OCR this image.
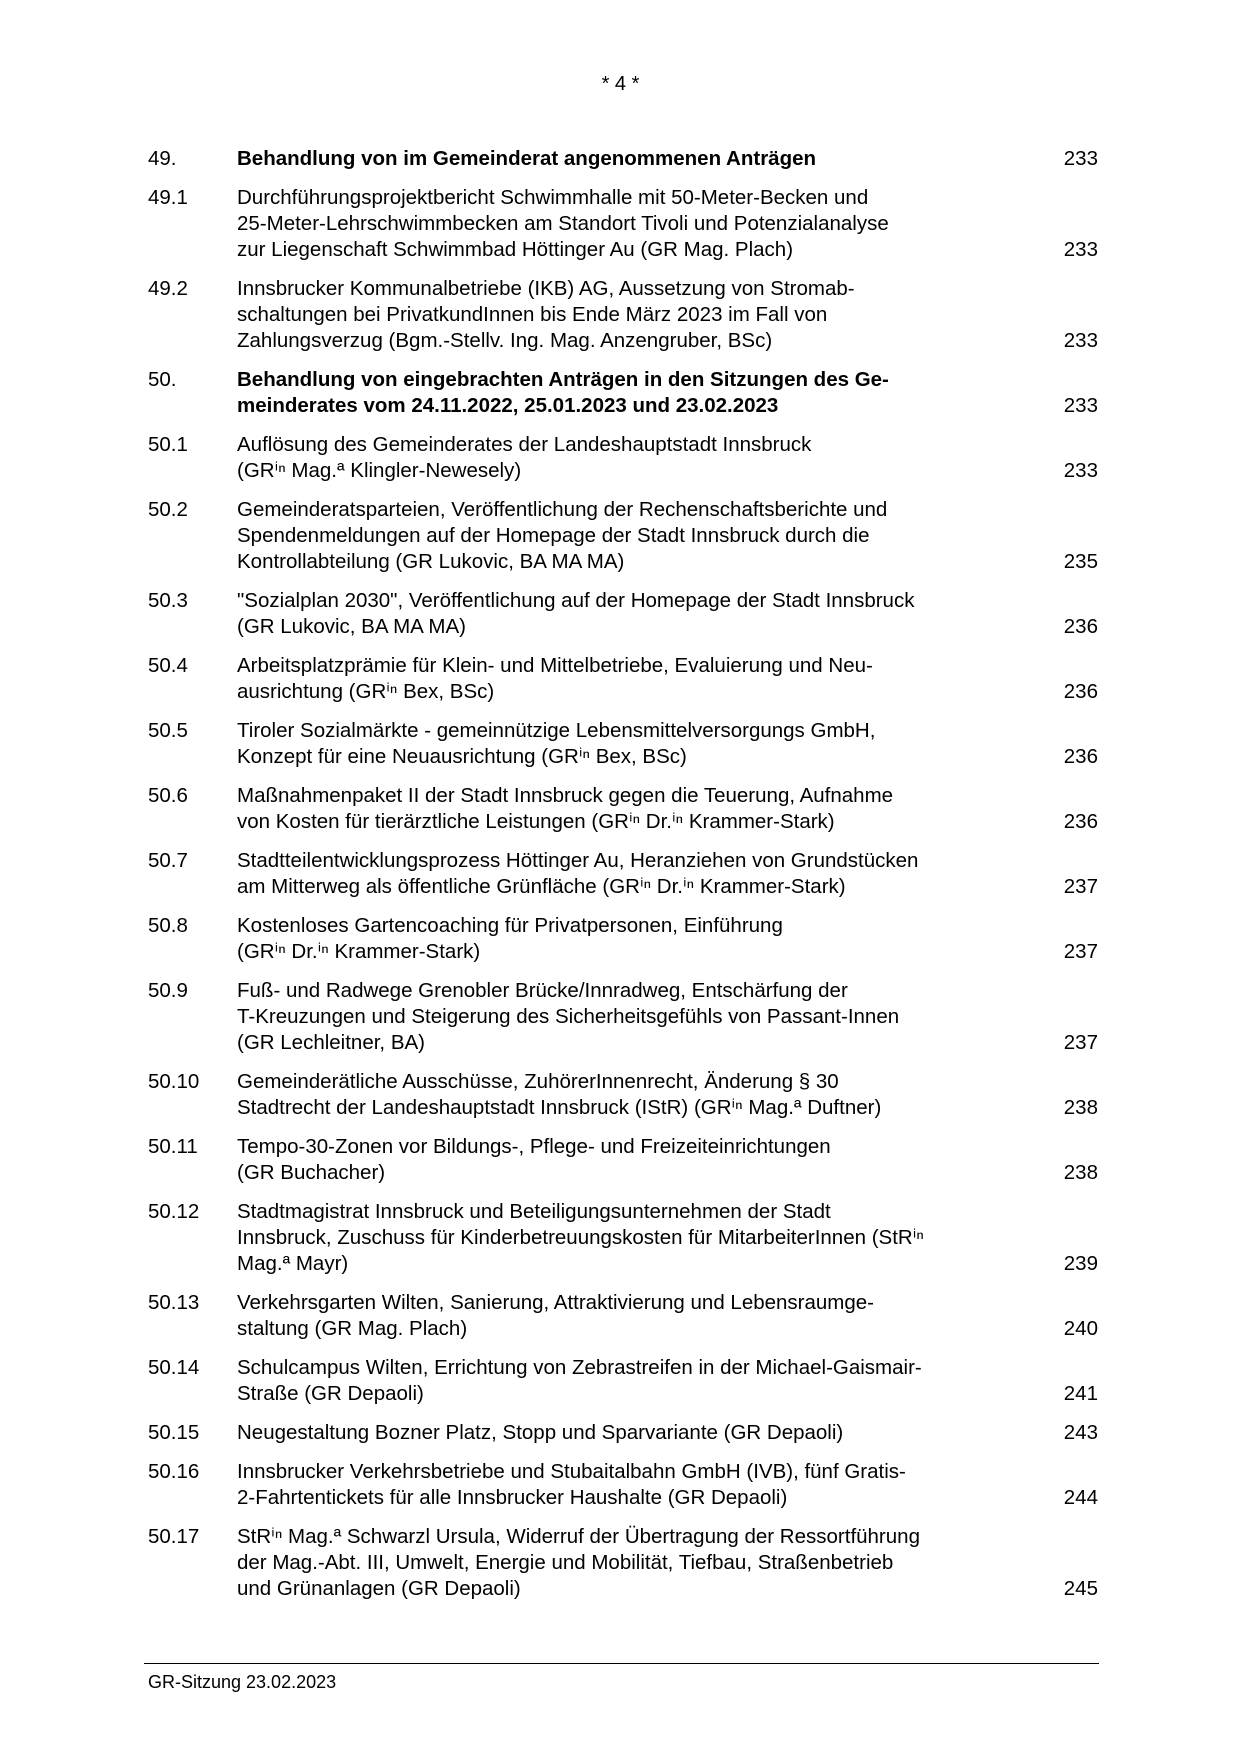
* 4 *
49.	Behandlung von im Gemeinderat angenommenen Anträgen	233
49.1	Durchführungsprojektbericht Schwimmhalle mit 50-Meter-Becken und
25-Meter-Lehrschwimmbecken am Standort Tivoli und Potenzialanalyse
zur Liegenschaft Schwimmbad Höttinger Au (GR Mag. Plach)	233
49.2	Innsbrucker Kommunalbetriebe (IKB) AG, Aussetzung von Stromab-
schaltungen bei PrivatkundInnen bis Ende März 2023 im Fall von
Zahlungsverzug (Bgm.-Stellv. Ing. Mag. Anzengruber, BSc)	233
50.	Behandlung von eingebrachten Anträgen in den Sitzungen des Ge-
meinderates vom 24.11.2022, 25.01.2023 und 23.02.2023	233
50.1	Auflösung des Gemeinderates der Landeshauptstadt Innsbruck
(GRⁱⁿ Mag.ª Klingler-Newesely)	233
50.2	Gemeinderatsparteien, Veröffentlichung der Rechenschaftsberichte und
Spendenmeldungen auf der Homepage der Stadt Innsbruck durch die
Kontrollabteilung (GR Lukovic, BA MA MA)	235
50.3	"Sozialplan 2030", Veröffentlichung auf der Homepage der Stadt Innsbruck
(GR Lukovic, BA MA MA)	236
50.4	Arbeitsplatzprämie für Klein- und Mittelbetriebe, Evaluierung und Neu-
ausrichtung (GRⁱⁿ Bex, BSc)	236
50.5	Tiroler Sozialmärkte - gemeinnützige Lebensmittelversorgungs GmbH,
Konzept für eine Neuausrichtung (GRⁱⁿ Bex, BSc)	236
50.6	Maßnahmenpaket II der Stadt Innsbruck gegen die Teuerung, Aufnahme
von Kosten für tierärztliche Leistungen (GRⁱⁿ Dr.ⁱⁿ Krammer-Stark)	236
50.7	Stadtteilentwicklungsprozess Höttinger Au, Heranziehen von Grundstücken
am Mitterweg als öffentliche Grünfläche (GRⁱⁿ Dr.ⁱⁿ Krammer-Stark)	237
50.8	Kostenloses Gartencoaching für Privatpersonen, Einführung
(GRⁱⁿ Dr.ⁱⁿ Krammer-Stark)	237
50.9	Fuß- und Radwege Grenobler Brücke/Innradweg, Entschärfung der
T-Kreuzungen und Steigerung des Sicherheitsgefühls von Passant-Innen
(GR Lechleitner, BA)	237
50.10	Gemeinderätliche Ausschüsse, ZuhörerInnenrecht, Änderung § 30
Stadtrecht der Landeshauptstadt Innsbruck (IStR) (GRⁱⁿ Mag.ª Duftner)	238
50.11	Tempo-30-Zonen vor Bildungs-, Pflege- und Freizeiteinrichtungen
(GR Buchacher)	238
50.12	Stadtmagistrat Innsbruck und Beteiligungsunternehmen der Stadt
Innsbruck, Zuschuss für Kinderbetreuungskosten für MitarbeiterInnen (StRⁱⁿ
Mag.ª Mayr)	239
50.13	Verkehrsgarten Wilten, Sanierung, Attraktivierung und Lebensraumge-
staltung (GR Mag. Plach)	240
50.14	Schulcampus Wilten, Errichtung von Zebrastreifen in der Michael-Gaismair-
Straße (GR Depaoli)	241
50.15	Neugestaltung Bozner Platz, Stopp und Sparvariante (GR Depaoli)	243
50.16	Innsbrucker Verkehrsbetriebe und Stubaitalbahn GmbH (IVB), fünf Gratis-
2-Fahrtentickets für alle Innsbrucker Haushalte (GR Depaoli)	244
50.17	StRⁱⁿ Mag.ª Schwarzl Ursula, Widerruf der Übertragung der Ressortführung
der Mag.-Abt. III, Umwelt, Energie und Mobilität, Tiefbau, Straßenbetrieb
und Grünanlagen (GR Depaoli)	245
GR-Sitzung 23.02.2023
